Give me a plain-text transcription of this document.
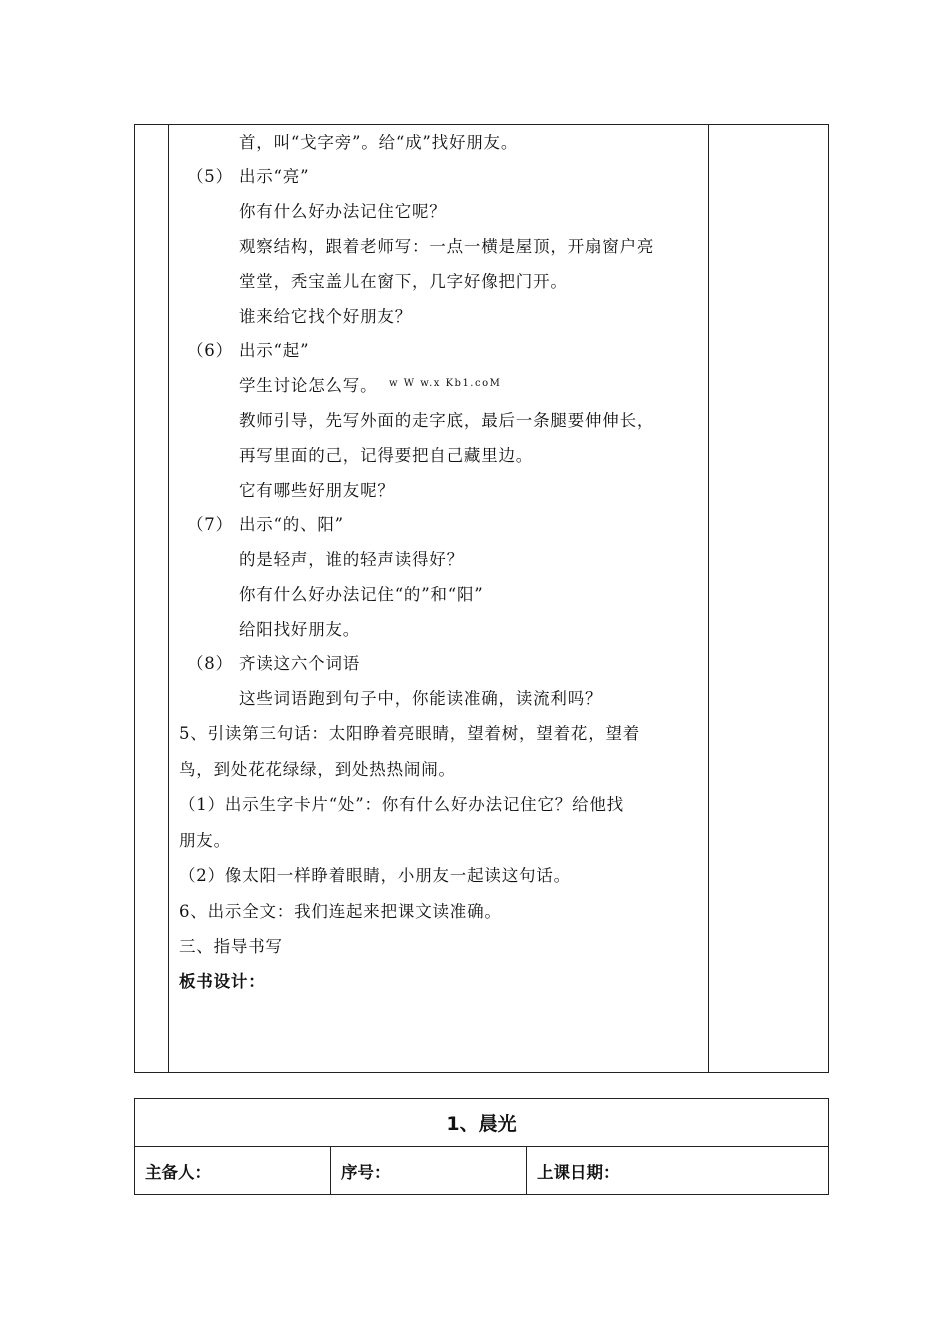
首，叫“戈字旁”。给“成”找好朋友。
（5） 出示“亮”
你有什么好办法记住它呢？
观察结构，跟着老师写：一点一横是屋顶，开扇窗户亮
堂堂，秃宝盖儿在窗下，几字好像把门开。
谁来给它找个好朋友？
（6） 出示“起”
学生讨论怎么写。 w W w.x Kb1.coM
教师引导，先写外面的走字底，最后一条腿要伸伸长，
再写里面的己，记得要把自己藏里边。
它有哪些好朋友呢？
（7） 出示“的、阳”
的是轻声，谁的轻声读得好？
你有什么好办法记住“的”和“阳”
给阳找好朋友。
（8） 齐读这六个词语
这些词语跑到句子中，你能读准确，读流利吗？
5、引读第三句话：太阳睁着亮眼睛，望着树，望着花，望着
鸟，到处花花绿绿，到处热热闹闹。
（1）出示生字卡片“处”：你有什么好办法记住它？给他找
朋友。
（2）像太阳一样睁着眼睛，小朋友一起读这句话。
6、出示全文：我们连起来把课文读准确。
三、指导书写
板书设计：
1、晨光
主备人：	序号：	上课日期：
